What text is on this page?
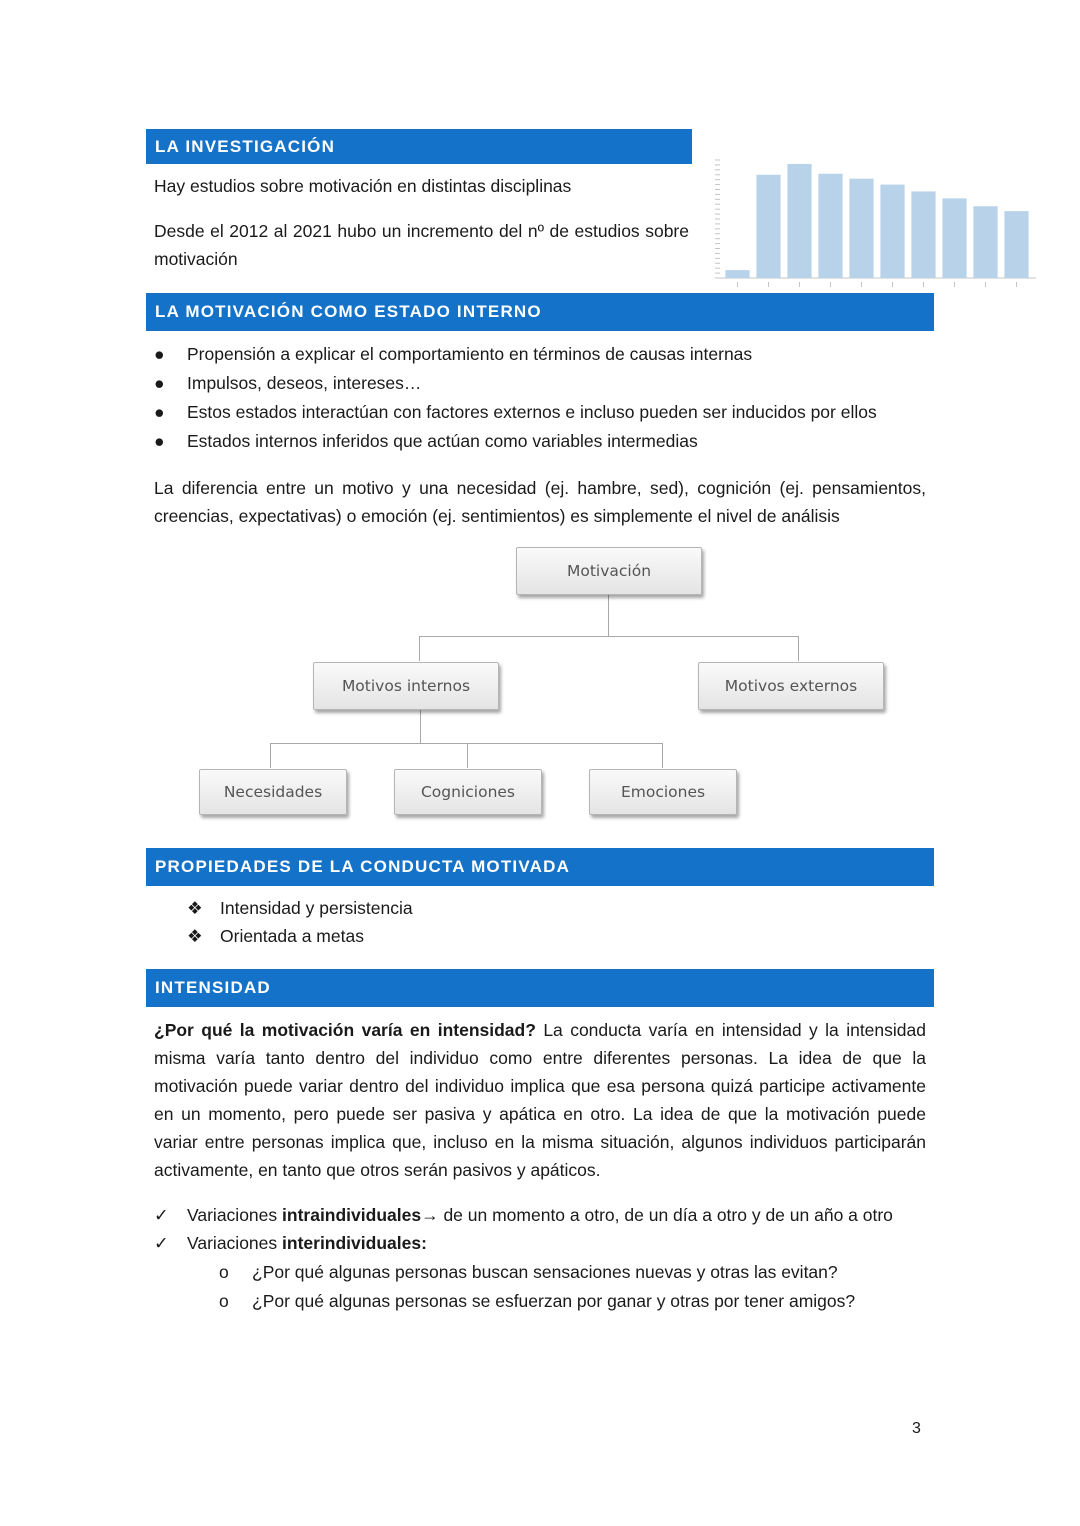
LA INVESTIGACIÓN
Hay estudios sobre motivación en distintas disciplinas
Desde el 2012 al 2021 hubo un incremento del nº de estudios sobre motivación
LA MOTIVACIÓN COMO ESTADO INTERNO
● Propensión a explicar el comportamiento en términos de causas internas
● Impulsos, deseos, intereses…
● Estos estados interactúan con factores externos e incluso pueden ser inducidos por ellos
● Estados internos inferidos que actúan como variables intermedias
La diferencia entre un motivo y una necesidad (ej. hambre, sed), cognición (ej. pensamientos, creencias, expectativas) o emoción (ej. sentimientos) es simplemente el nivel de análisis
Motivación
Motivos internos	Motivos externos
Necesidades	Cogniciones	Emociones
PROPIEDADES DE LA CONDUCTA MOTIVADA
❖ Intensidad y persistencia
❖ Orientada a metas
INTENSIDAD
¿Por qué la motivación varía en intensidad? La conducta varía en intensidad y la intensidad misma varía tanto dentro del individuo como entre diferentes personas. La idea de que la motivación puede variar dentro del individuo implica que esa persona quizá participe activamente en un momento, pero puede ser pasiva y apática en otro. La idea de que la motivación puede variar entre personas implica que, incluso en la misma situación, algunos individuos participarán activamente, en tanto que otros serán pasivos y apáticos.
✓ Variaciones intraindividuales→ de un momento a otro, de un día a otro y de un año a otro
✓ Variaciones interindividuales:
o ¿Por qué algunas personas buscan sensaciones nuevas y otras las evitan?
o ¿Por qué algunas personas se esfuerzan por ganar y otras por tener amigos?
3
